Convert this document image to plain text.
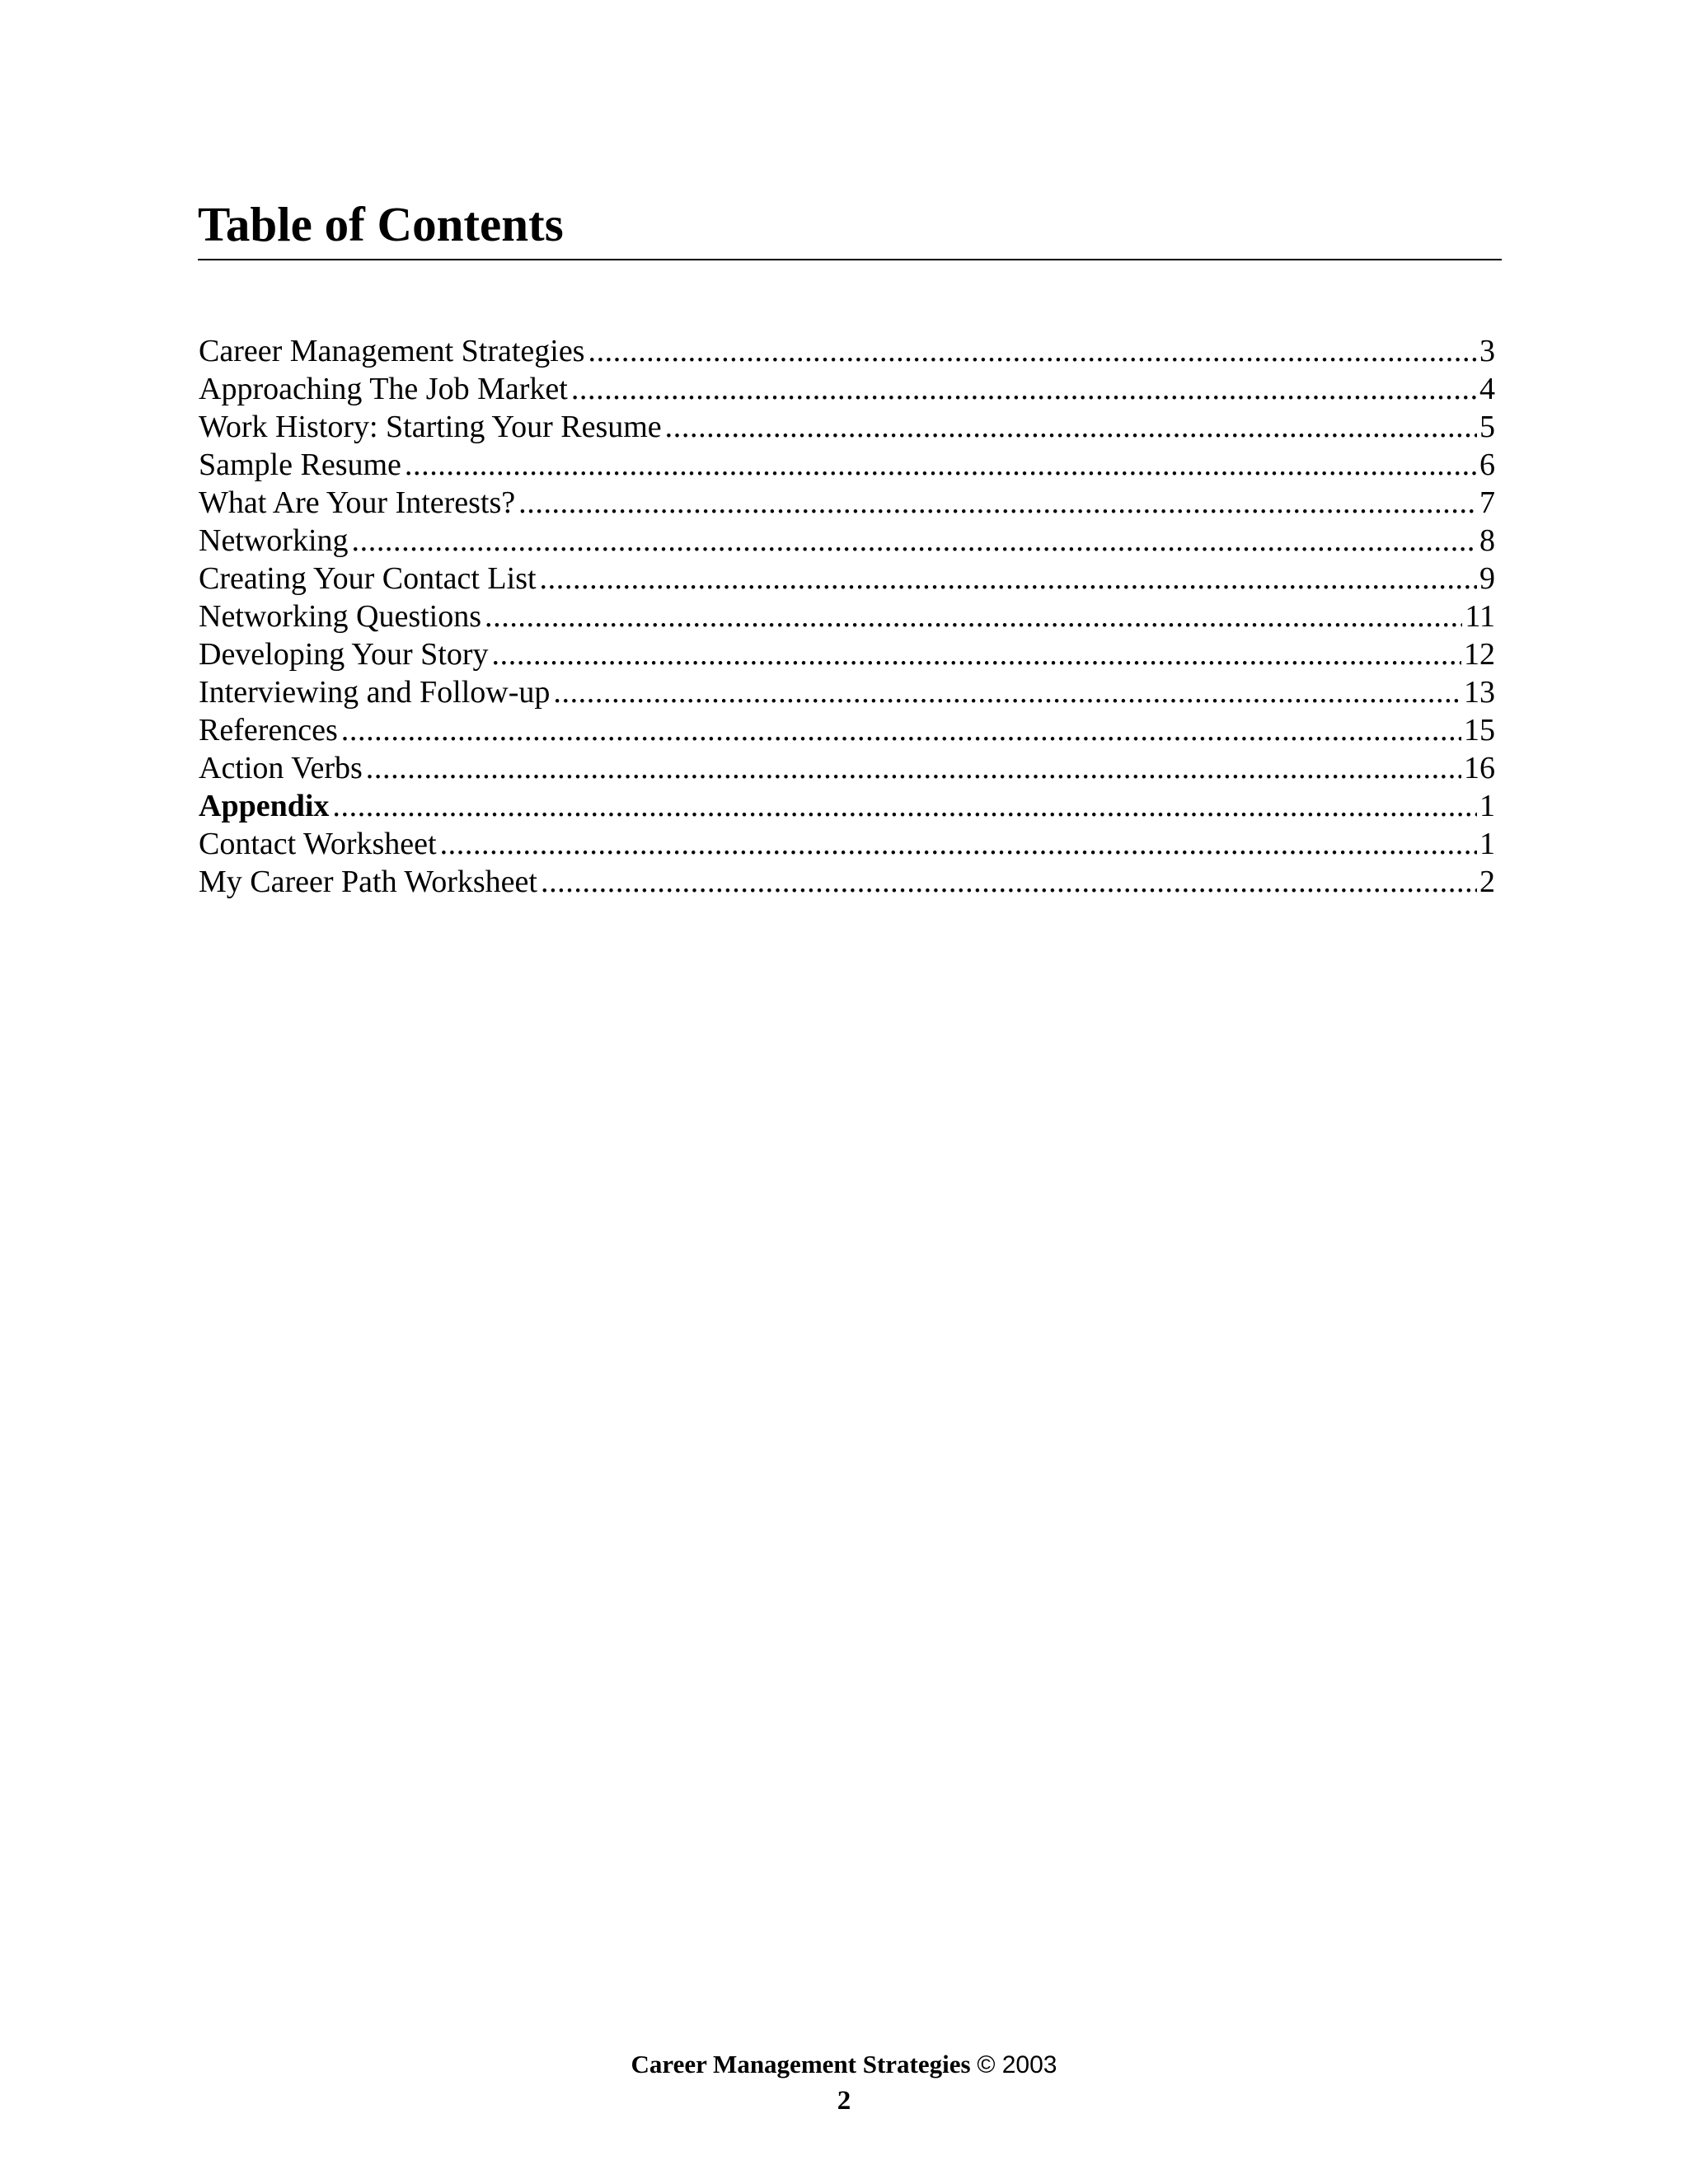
Table of Contents
Career Management Strategies .....	3
Approaching The Job Market .....	4
Work History: Starting Your Resume .....	5
Sample Resume .....	6
What Are Your Interests? .....	7
Networking .....	8
Creating Your Contact List .....	9
Networking Questions .....	11
Developing Your Story .....	12
Interviewing and Follow-up .....	13
References .....	15
Action Verbs .....	16
Appendix .....	1
Contact Worksheet .....	1
My Career Path Worksheet .....	2
Career Management Strategies © 2003
2
